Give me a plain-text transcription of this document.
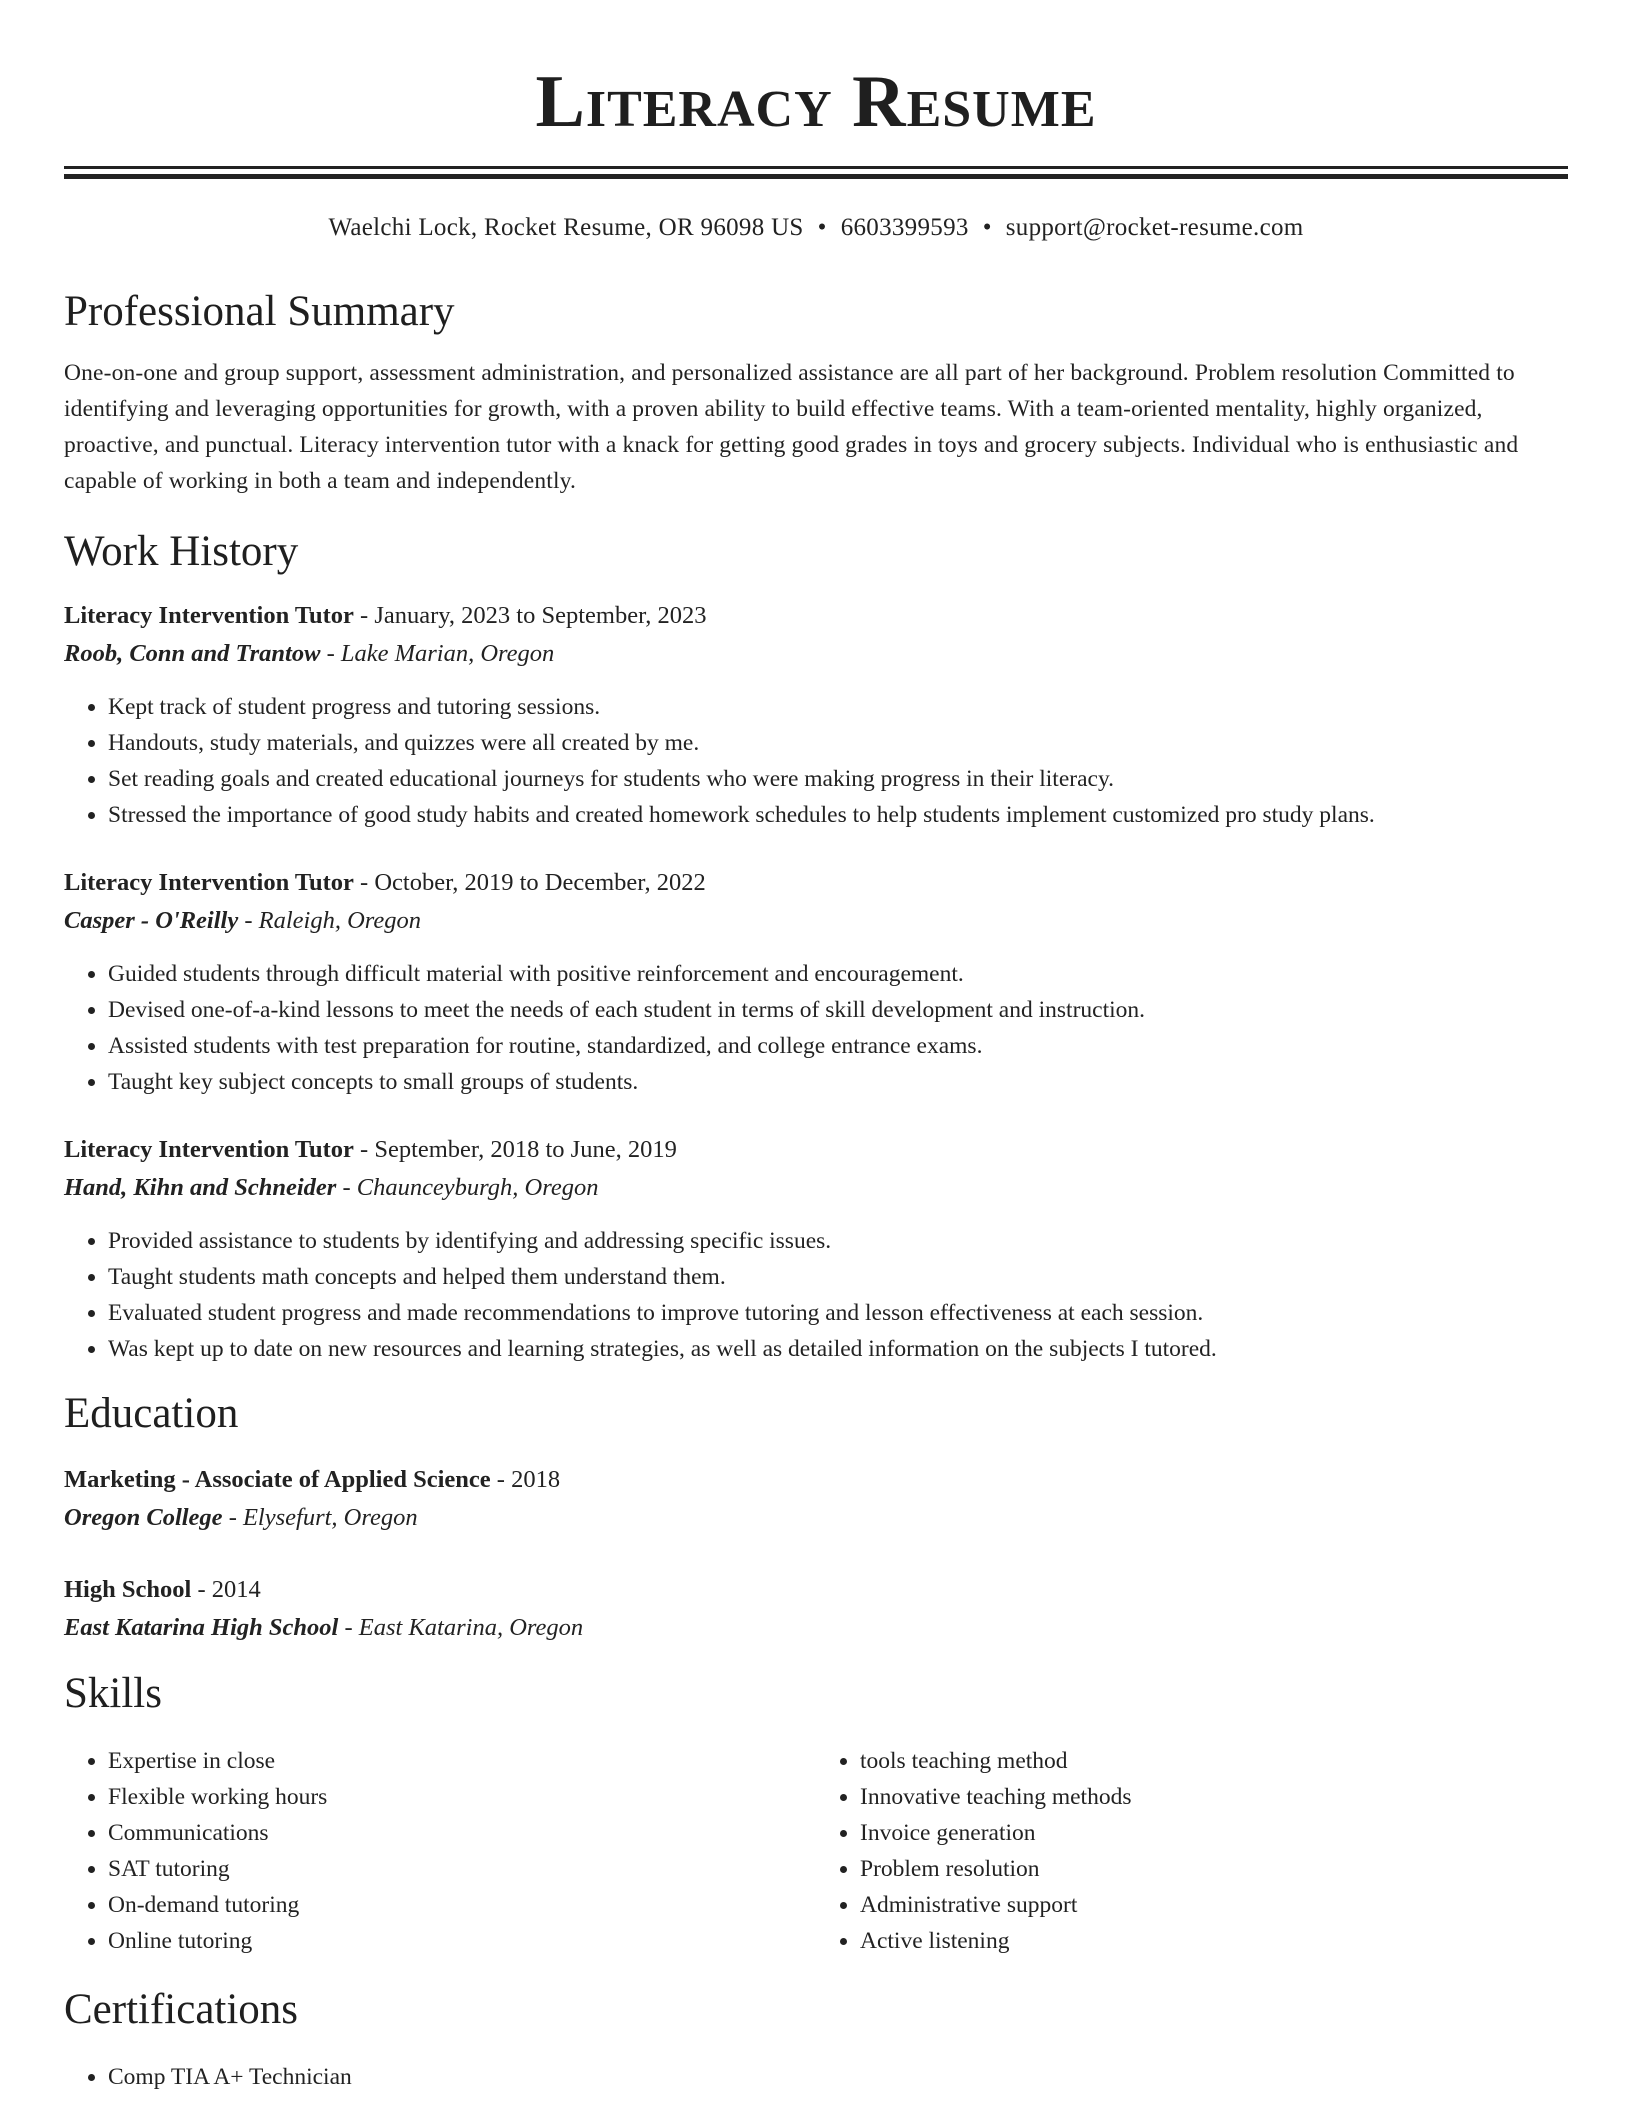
Literacy Resume
Waelchi Lock, Rocket Resume, OR 96098 US • 6603399593 • support@rocket-resume.com
Professional Summary
One-on-one and group support, assessment administration, and personalized assistance are all part of her background. Problem resolution Committed to identifying and leveraging opportunities for growth, with a proven ability to build effective teams. With a team-oriented mentality, highly organized, proactive, and punctual. Literacy intervention tutor with a knack for getting good grades in toys and grocery subjects. Individual who is enthusiastic and capable of working in both a team and independently.
Work History
Literacy Intervention Tutor - January, 2023 to September, 2023
Roob, Conn and Trantow - Lake Marian, Oregon
• Kept track of student progress and tutoring sessions.
• Handouts, study materials, and quizzes were all created by me.
• Set reading goals and created educational journeys for students who were making progress in their literacy.
• Stressed the importance of good study habits and created homework schedules to help students implement customized pro study plans.
Literacy Intervention Tutor - October, 2019 to December, 2022
Casper - O'Reilly - Raleigh, Oregon
• Guided students through difficult material with positive reinforcement and encouragement.
• Devised one-of-a-kind lessons to meet the needs of each student in terms of skill development and instruction.
• Assisted students with test preparation for routine, standardized, and college entrance exams.
• Taught key subject concepts to small groups of students.
Literacy Intervention Tutor - September, 2018 to June, 2019
Hand, Kihn and Schneider - Chaunceyburgh, Oregon
• Provided assistance to students by identifying and addressing specific issues.
• Taught students math concepts and helped them understand them.
• Evaluated student progress and made recommendations to improve tutoring and lesson effectiveness at each session.
• Was kept up to date on new resources and learning strategies, as well as detailed information on the subjects I tutored.
Education
Marketing - Associate of Applied Science - 2018
Oregon College - Elysefurt, Oregon
High School - 2014
East Katarina High School - East Katarina, Oregon
Skills
• Expertise in close
• Flexible working hours
• Communications
• SAT tutoring
• On-demand tutoring
• Online tutoring
• tools teaching method
• Innovative teaching methods
• Invoice generation
• Problem resolution
• Administrative support
• Active listening
Certifications
• Comp TIA A+ Technician
